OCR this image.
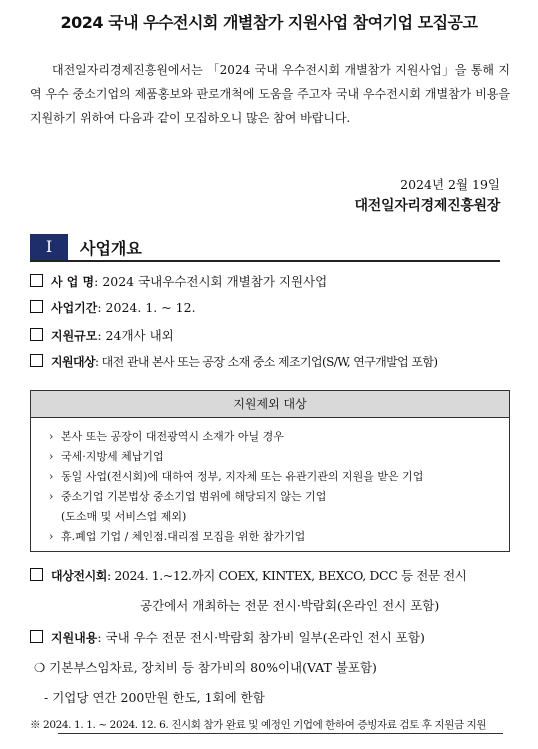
2024 국내 우수전시회 개별참가 지원사업 참여기업 모집공고
대전일자리경제진흥원에서는 「2024 국내 우수전시회 개별참가 지원사업」을 통해 지역 우수 중소기업의 제품홍보와 판로개척에 도움을 주고자 국내 우수전시회 개별참가 비용을 지원하기 위하여 다음과 같이 모집하오니 많은 참여 바랍니다.
2024년 2월 19일
대전일자리경제진흥원장
Ⅰ	사업개요
사 업 명: 2024 국내우수전시회 개별참가 지원사업
사업기간: 2024. 1. ~ 12.
지원규모: 24개사 내외
지원대상: 대전 관내 본사 또는 공장 소재 중소 제조기업(S/W, 연구개발업 포함)
지원제외 대상
› 본사 또는 공장이 대전광역시 소재가 아닐 경우
› 국세·지방세 체납기업
› 동일 사업(전시회)에 대하여 정부, 지자체 또는 유관기관의 지원을 받은 기업
› 중소기업 기본법상 중소기업 범위에 해당되지 않는 기업
(도소매 및 서비스업 제외)
› 휴.폐업 기업 / 체인점.대리점 모집을 위한 참가기업
대상전시회: 2024. 1.~12.까지 COEX, KINTEX, BEXCO, DCC 등 전문 전시
공간에서 개최하는 전문 전시·박람회(온라인 전시 포함)
지원내용: 국내 우수 전문 전시·박람회 참가비 일부(온라인 전시 포함)
❍ 기본부스임차료, 장치비 등 참가비의 80%이내(VAT 불포함)
- 기업당 연간 200만원 한도, 1회에 한함
※ 2024. 1. 1. ~ 2024. 12. 6. 진시회 참가 완료 및 예정인 기업에 한하여 증빙자료 검토 후 지원금 지원
